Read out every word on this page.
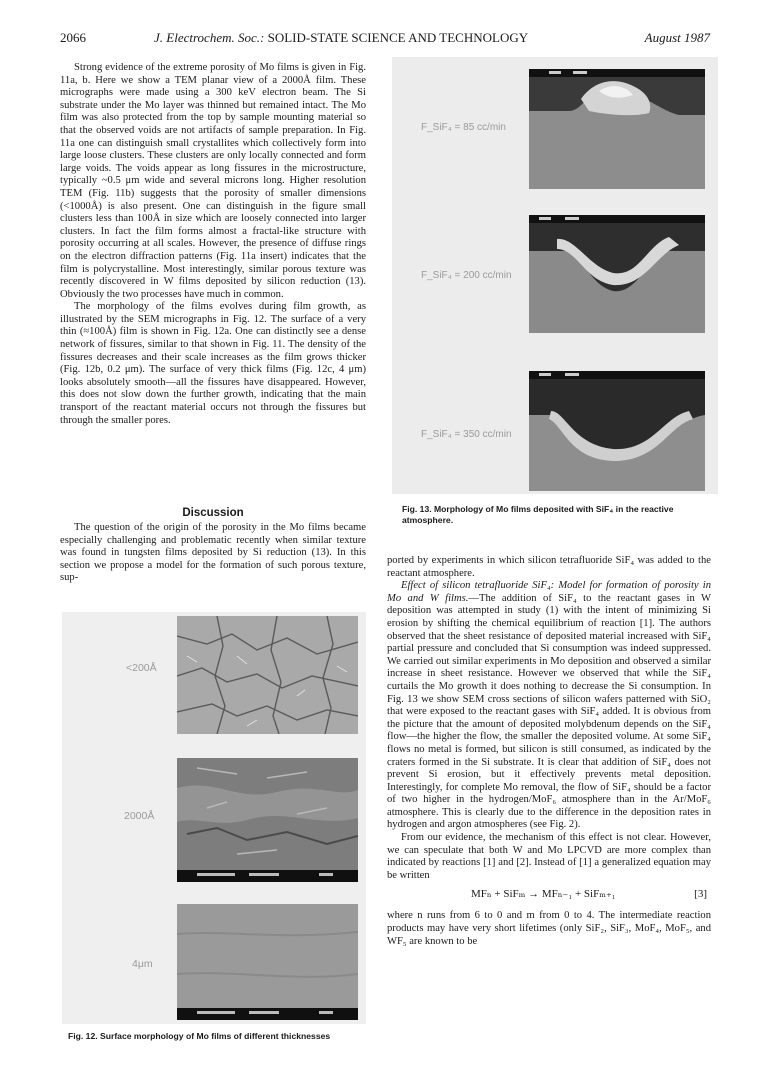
2066	J. Electrochem. Soc.: SOLID-STATE SCIENCE AND TECHNOLOGY	August 1987

Strong evidence of the extreme porosity of Mo films is given in Fig. 11a, b. Here we show a TEM planar view of a 2000Å film. These micrographs were made using a 300 keV electron beam. The Si substrate under the Mo layer was thinned but remained intact. The Mo film was also protected from the top by sample mounting material so that the observed voids are not artifacts of sample preparation. In Fig. 11a one can distinguish small crystallites which collectively form into large loose clusters. These clusters are only locally connected and form large voids. The voids appear as long fissures in the microstructure, typically ~0.5 μm wide and several microns long. Higher resolution TEM (Fig. 11b) suggests that the porosity of smaller dimensions (<1000Å) is also present. One can distinguish in the figure small clusters less than 100Å in size which are loosely connected into larger clusters. In fact the film forms almost a fractal-like structure with porosity occurring at all scales. However, the presence of diffuse rings on the electron diffraction patterns (Fig. 11a insert) indicates that the film is polycrystalline. Most interestingly, similar porous texture was recently discovered in W films deposited by silicon reduction (13). Obviously the two processes have much in common.

The morphology of the films evolves during film growth, as illustrated by the SEM micrographs in Fig. 12. The surface of a very thin (≈100Å) film is shown in Fig. 12a. One can distinctly see a dense network of fissures, similar to that shown in Fig. 11. The density of the fissures decreases and their scale increases as the film grows thicker (Fig. 12b, 0.2 μm). The surface of very thick films (Fig. 12c, 4 μm) looks absolutely smooth—all the fissures have disappeared. However, this does not slow down the further growth, indicating that the main transport of the reactant material occurs not through the fissures but through the smaller pores.

Discussion

The question of the origin of the porosity in the Mo films became especially challenging and problematic recently when similar texture was found in tungsten films deposited by Si reduction (13). In this section we propose a model for the formation of such porous texture, sup-

F_SiF₄ = 85 cc/min
F_SiF₄ = 200 cc/min
F_SiF₄ = 350 cc/min
Fig. 13. Morphology of Mo films deposited with SiF₄ in the reactive atmosphere.

ported by experiments in which silicon tetrafluoride SiF₄ was added to the reactant atmosphere.

Effect of silicon tetrafluoride SiF₄: Model for formation of porosity in Mo and W films.—The addition of SiF₄ to the reactant gases in W deposition was attempted in study (1) with the intent of minimizing Si erosion by shifting the chemical equilibrium of reaction [1]. The authors observed that the sheet resistance of deposited material increased with SiF₄ partial pressure and concluded that Si consumption was indeed suppressed. We carried out similar experiments in Mo deposition and observed a similar increase in sheet resistance. However we observed that while the SiF₄ curtails the Mo growth it does nothing to decrease the Si consumption. In Fig. 13 we show SEM cross sections of silicon wafers patterned with SiO₂ that were exposed to the reactant gases with SiF₄ added. It is obvious from the picture that the amount of deposited molybdenum depends on the SiF₄ flow—the higher the flow, the smaller the deposited volume. At some SiF₄ flows no metal is formed, but silicon is still consumed, as indicated by the craters formed in the Si substrate. It is clear that addition of SiF₄ does not prevent Si erosion, but it effectively prevents metal deposition. Interestingly, for complete Mo removal, the flow of SiF₄ should be a factor of two higher in the hydrogen/MoF₆ atmosphere than in the Ar/MoF₆ atmosphere. This is clearly due to the difference in the deposition rates in hydrogen and argon atmospheres (see Fig. 2).

From our evidence, the mechanism of this effect is not clear. However, we can speculate that both W and Mo LPCVD are more complex than indicated by reactions [1] and [2]. Instead of [1] a generalized equation may be written

MFₙ + SiFₘ → MFₙ₋₁ + SiFₘ₊₁	[3]

where n runs from 6 to 0 and m from 0 to 4. The intermediate reaction products may have very short lifetimes (only SiF₂, SiF₃, MoF₄, MoF₅, and WF₅ are known to be

<200Å
2000Å
4μm
Fig. 12. Surface morphology of Mo films of different thicknesses
